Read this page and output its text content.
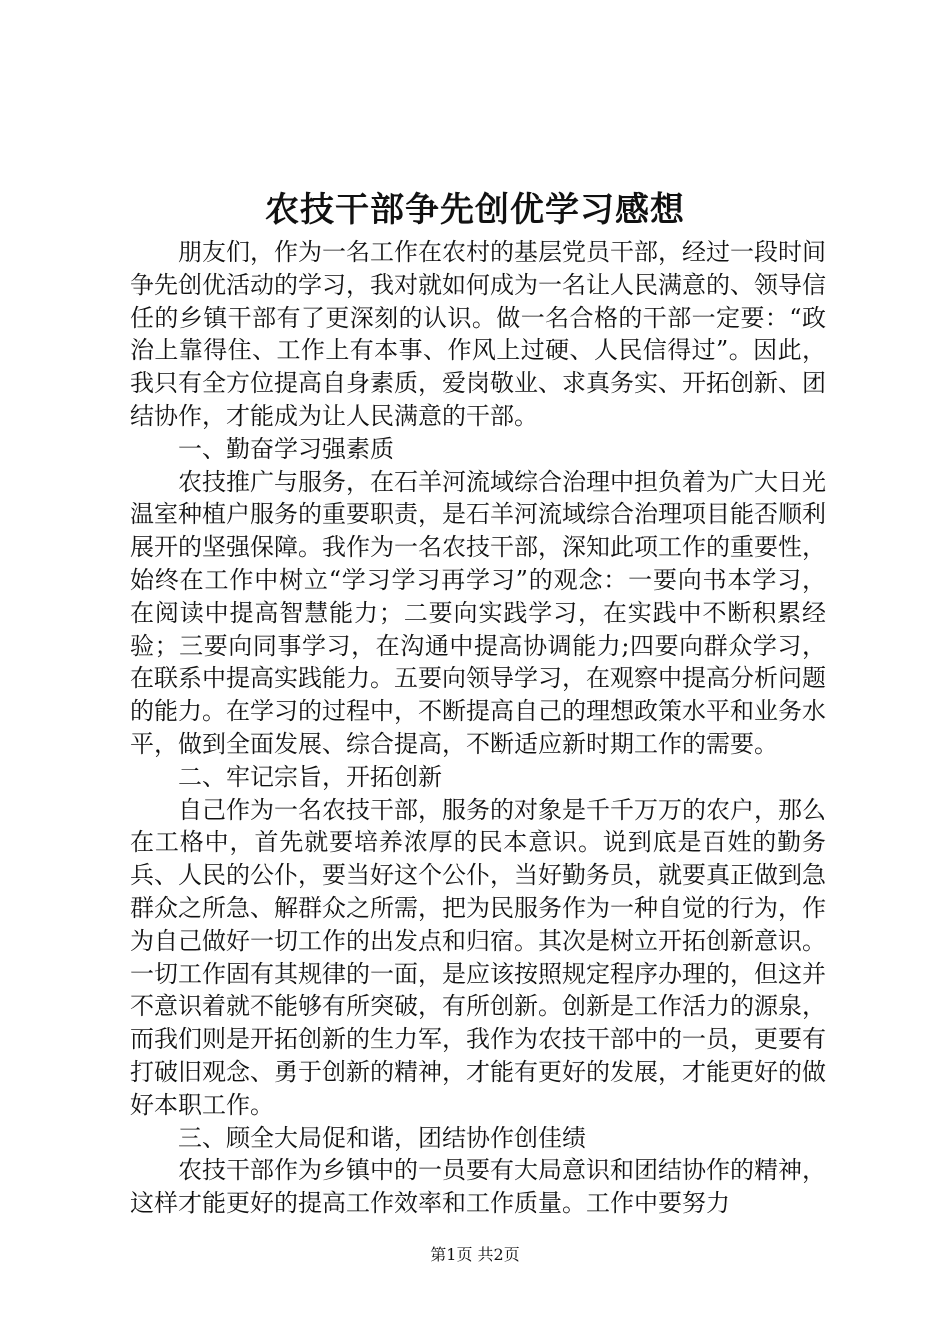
农技干部争先创优学习感想

朋友们，作为一名工作在农村的基层党员干部，经过一段时间争先创优活动的学习，我对就如何成为一名让人民满意的、领导信任的乡镇干部有了更深刻的认识。做一名合格的干部一定要：“政治上靠得住、工作上有本事、作风上过硬、人民信得过”。因此，我只有全方位提高自身素质，爱岗敬业、求真务实、开拓创新、团结协作，才能成为让人民满意的干部。

一、勤奋学习强素质

农技推广与服务，在石羊河流域综合治理中担负着为广大日光温室种植户服务的重要职责，是石羊河流域综合治理项目能否顺利展开的坚强保障。我作为一名农技干部，深知此项工作的重要性，始终在工作中树立“学习学习再学习”的观念：一要向书本学习，在阅读中提高智慧能力；二要向实践学习，在实践中不断积累经验；三要向同事学习，在沟通中提高协调能力;四要向群众学习，在联系中提高实践能力。五要向领导学习，在观察中提高分析问题的能力。在学习的过程中，不断提高自己的理想政策水平和业务水平，做到全面发展、综合提高，不断适应新时期工作的需要。

二、牢记宗旨，开拓创新

自己作为一名农技干部，服务的对象是千千万万的农户，那么在工格中，首先就要培养浓厚的民本意识。说到底是百姓的勤务兵、人民的公仆，要当好这个公仆，当好勤务员，就要真正做到急群众之所急、解群众之所需，把为民服务作为一种自觉的行为，作为自己做好一切工作的出发点和归宿。其次是树立开拓创新意识。一切工作固有其规律的一面，是应该按照规定程序办理的，但这并不意识着就不能够有所突破，有所创新。创新是工作活力的源泉，而我们则是开拓创新的生力军，我作为农技干部中的一员，更要有打破旧观念、勇于创新的精神，才能有更好的发展，才能更好的做好本职工作。

三、顾全大局促和谐，团结协作创佳绩

农技干部作为乡镇中的一员要有大局意识和团结协作的精神，这样才能更好的提高工作效率和工作质量。工作中要努力

第1页 共2页
